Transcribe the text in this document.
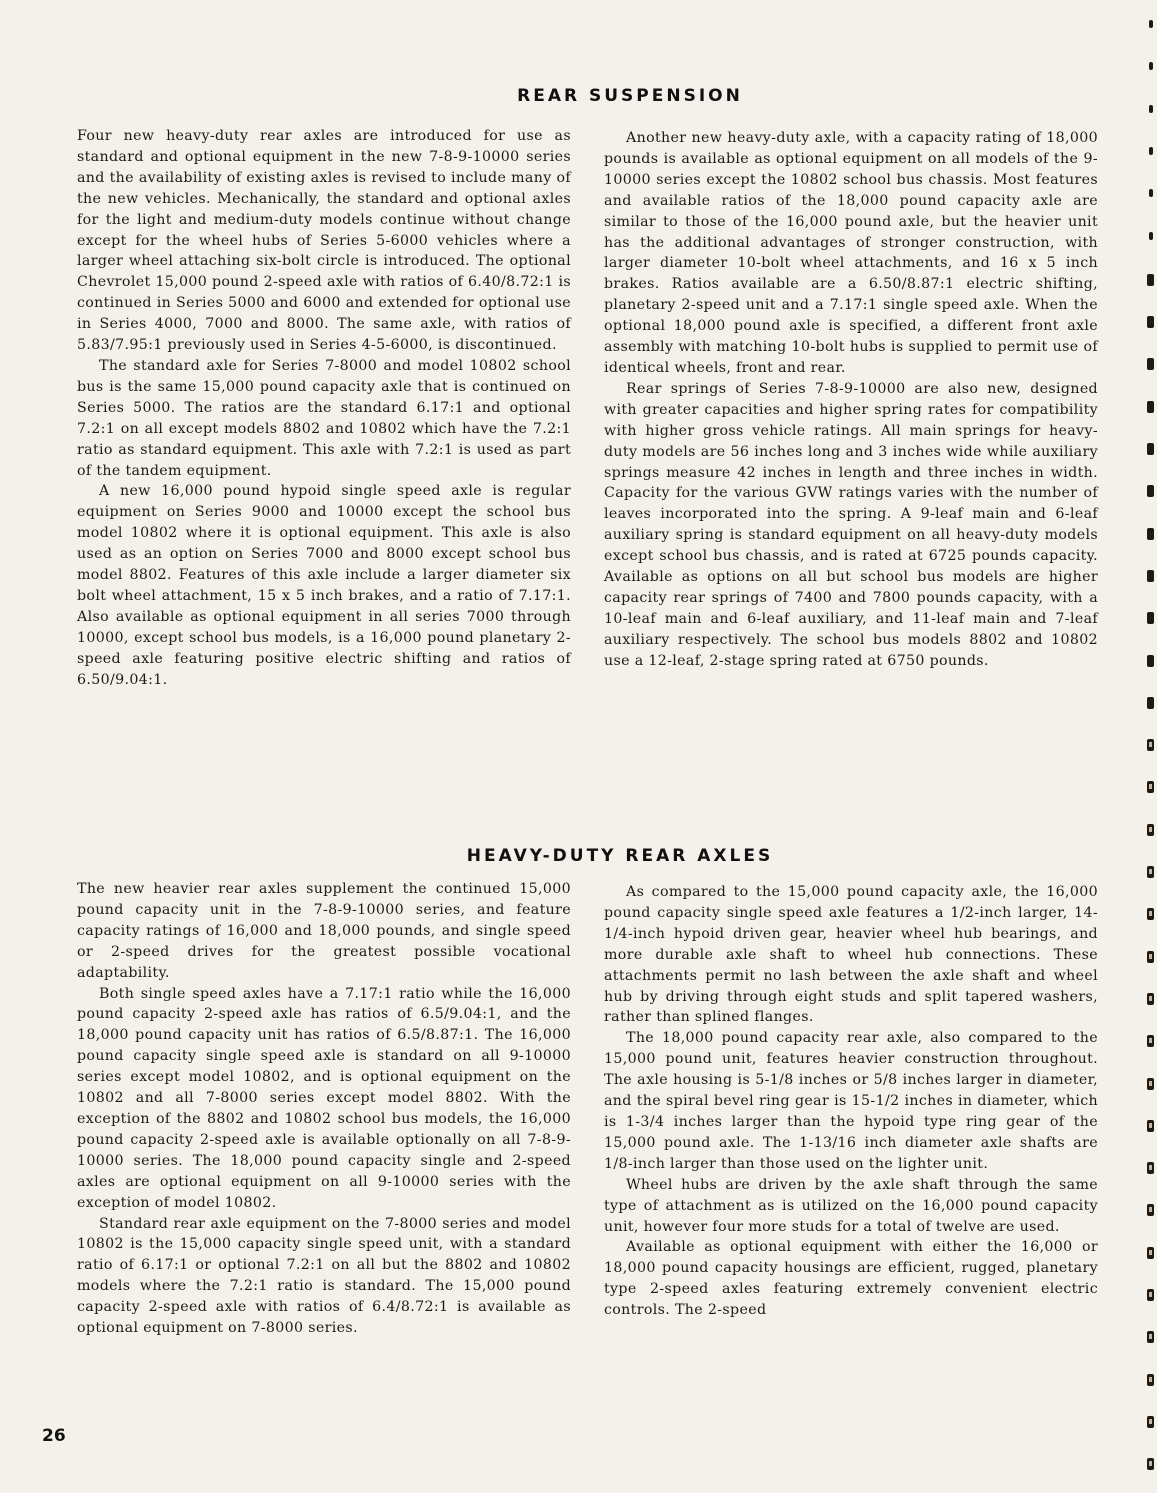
REAR SUSPENSION

Four new heavy-duty rear axles are introduced for use as standard and optional equipment in the new 7-8-9-10000 series and the availability of existing axles is revised to include many of the new vehicles. Mechanically, the standard and optional axles for the light and medium-duty models continue without change except for the wheel hubs of Series 5-6000 vehicles where a larger wheel attaching six-bolt circle is introduced. The optional Chevrolet 15,000 pound 2-speed axle with ratios of 6.40/8.72:1 is continued in Series 5000 and 6000 and extended for optional use in Series 4000, 7000 and 8000. The same axle, with ratios of 5.83/7.95:1 previously used in Series 4-5-6000, is discontinued.

The standard axle for Series 7-8000 and model 10802 school bus is the same 15,000 pound capacity axle that is continued on Series 5000. The ratios are the standard 6.17:1 and optional 7.2:1 on all except models 8802 and 10802 which have the 7.2:1 ratio as standard equipment. This axle with 7.2:1 is used as part of the tandem equipment.

A new 16,000 pound hypoid single speed axle is regular equipment on Series 9000 and 10000 except the school bus model 10802 where it is optional equipment. This axle is also used as an option on Series 7000 and 8000 except school bus model 8802. Features of this axle include a larger diameter six bolt wheel attachment, 15 x 5 inch brakes, and a ratio of 7.17:1. Also available as optional equipment in all series 7000 through 10000, except school bus models, is a 16,000 pound planetary 2-speed axle featuring positive electric shifting and ratios of 6.50/9.04:1.

Another new heavy-duty axle, with a capacity rating of 18,000 pounds is available as optional equipment on all models of the 9-10000 series except the 10802 school bus chassis. Most features and available ratios of the 18,000 pound capacity axle are similar to those of the 16,000 pound axle, but the heavier unit has the additional advantages of stronger construction, with larger diameter 10-bolt wheel attachments, and 16 x 5 inch brakes. Ratios available are a 6.50/8.87:1 electric shifting, planetary 2-speed unit and a 7.17:1 single speed axle. When the optional 18,000 pound axle is specified, a different front axle assembly with matching 10-bolt hubs is supplied to permit use of identical wheels, front and rear.

Rear springs of Series 7-8-9-10000 are also new, designed with greater capacities and higher spring rates for compatibility with higher gross vehicle ratings. All main springs for heavy-duty models are 56 inches long and 3 inches wide while auxiliary springs measure 42 inches in length and three inches in width. Capacity for the various GVW ratings varies with the number of leaves incorporated into the spring. A 9-leaf main and 6-leaf auxiliary spring is standard equipment on all heavy-duty models except school bus chassis, and is rated at 6725 pounds capacity. Available as options on all but school bus models are higher capacity rear springs of 7400 and 7800 pounds capacity, with a 10-leaf main and 6-leaf auxiliary, and 11-leaf main and 7-leaf auxiliary respectively. The school bus models 8802 and 10802 use a 12-leaf, 2-stage spring rated at 6750 pounds.

HEAVY-DUTY REAR AXLES

The new heavier rear axles supplement the continued 15,000 pound capacity unit in the 7-8-9-10000 series, and feature capacity ratings of 16,000 and 18,000 pounds, and single speed or 2-speed drives for the greatest possible vocational adaptability.

Both single speed axles have a 7.17:1 ratio while the 16,000 pound capacity 2-speed axle has ratios of 6.5/9.04:1, and the 18,000 pound capacity unit has ratios of 6.5/8.87:1. The 16,000 pound capacity single speed axle is standard on all 9-10000 series except model 10802, and is optional equipment on the 10802 and all 7-8000 series except model 8802. With the exception of the 8802 and 10802 school bus models, the 16,000 pound capacity 2-speed axle is available optionally on all 7-8-9-10000 series. The 18,000 pound capacity single and 2-speed axles are optional equipment on all 9-10000 series with the exception of model 10802.

Standard rear axle equipment on the 7-8000 series and model 10802 is the 15,000 capacity single speed unit, with a standard ratio of 6.17:1 or optional 7.2:1 on all but the 8802 and 10802 models where the 7.2:1 ratio is standard. The 15,000 pound capacity 2-speed axle with ratios of 6.4/8.72:1 is available as optional equipment on 7-8000 series.

As compared to the 15,000 pound capacity axle, the 16,000 pound capacity single speed axle features a 1/2-inch larger, 14-1/4-inch hypoid driven gear, heavier wheel hub bearings, and more durable axle shaft to wheel hub connections. These attachments permit no lash between the axle shaft and wheel hub by driving through eight studs and split tapered washers, rather than splined flanges.

The 18,000 pound capacity rear axle, also compared to the 15,000 pound unit, features heavier construction throughout. The axle housing is 5-1/8 inches or 5/8 inches larger in diameter, and the spiral bevel ring gear is 15-1/2 inches in diameter, which is 1-3/4 inches larger than the hypoid type ring gear of the 15,000 pound axle. The 1-13/16 inch diameter axle shafts are 1/8-inch larger than those used on the lighter unit.

Wheel hubs are driven by the axle shaft through the same type of attachment as is utilized on the 16,000 pound capacity unit, however four more studs for a total of twelve are used.

Available as optional equipment with either the 16,000 or 18,000 pound capacity housings are efficient, rugged, planetary type 2-speed axles featuring extremely convenient electric controls. The 2-speed

26
